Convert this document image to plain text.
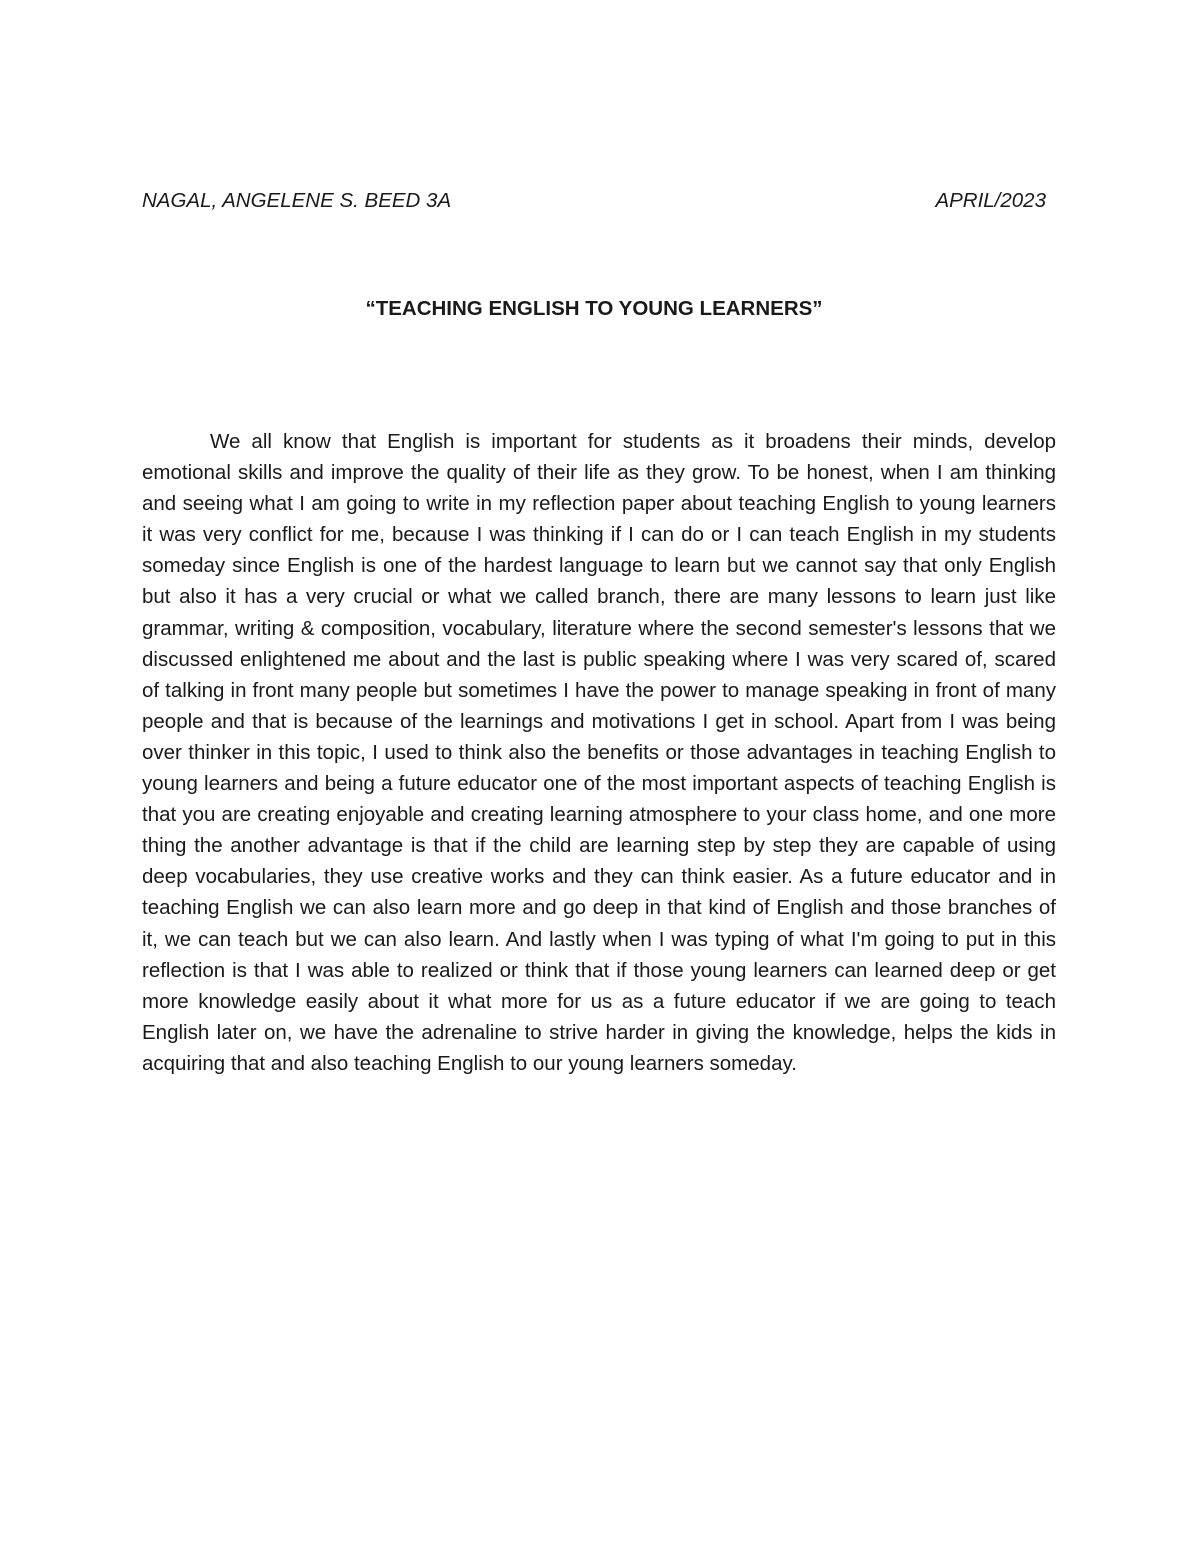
NAGAL, ANGELENE S. BEED 3A	APRIL/2023
“TEACHING ENGLISH TO YOUNG LEARNERS”

We all know that English is important for students as it broadens their minds, develop emotional skills and improve the quality of their life as they grow. To be honest, when I am thinking and seeing what I am going to write in my reflection paper about teaching English to young learners it was very conflict for me, because I was thinking if I can do or I can teach English in my students someday since English is one of the hardest language to learn but we cannot say that only English but also it has a very crucial or what we called branch, there are many lessons to learn just like grammar, writing & composition, vocabulary, literature where the second semester's lessons that we discussed enlightened me about and the last is public speaking where I was very scared of, scared of talking in front many people but sometimes I have the power to manage speaking in front of many people and that is because of the learnings and motivations I get in school. Apart from I was being over thinker in this topic, I used to think also the benefits or those advantages in teaching English to young learners and being a future educator one of the most important aspects of teaching English is that you are creating enjoyable and creating learning atmosphere to your class home, and one more thing the another advantage is that if the child are learning step by step they are capable of using deep vocabularies, they use creative works and they can think easier. As a future educator and in teaching English we can also learn more and go deep in that kind of English and those branches of it, we can teach but we can also learn. And lastly when I was typing of what I'm going to put in this reflection is that I was able to realized or think that if those young learners can learned deep or get more knowledge easily about it what more for us as a future educator if we are going to teach English later on, we have the adrenaline to strive harder in giving the knowledge, helps the kids in acquiring that and also teaching English to our young learners someday.
